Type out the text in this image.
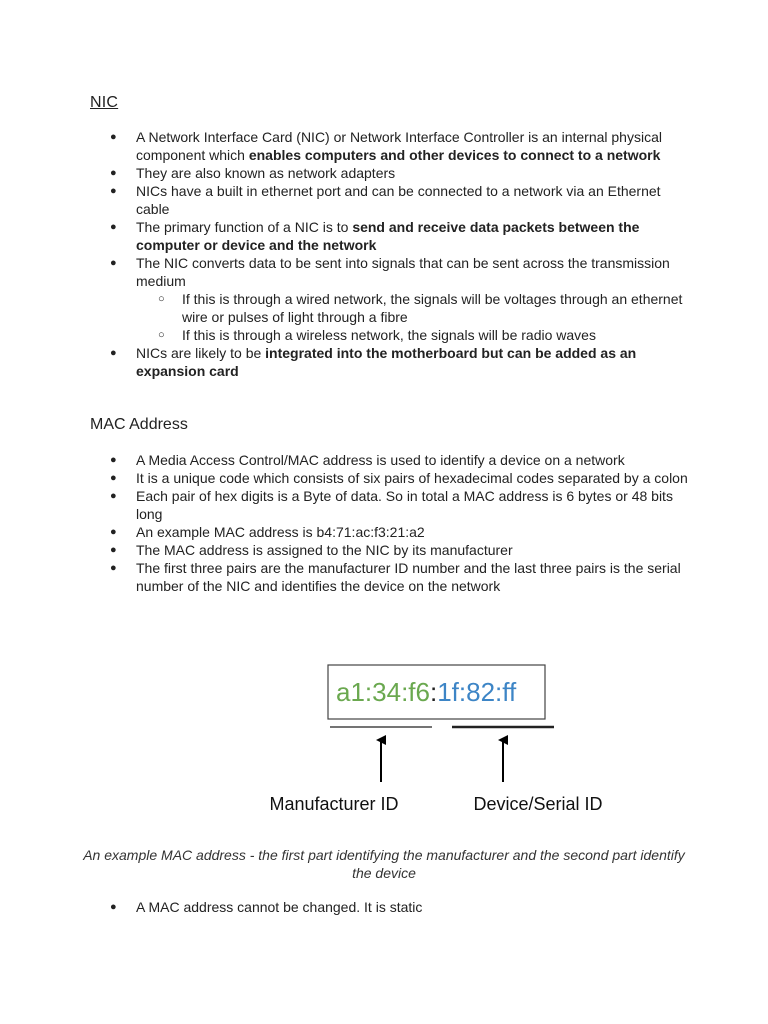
NIC
● A Network Interface Card (NIC) or Network Interface Controller is an internal physical component which enables computers and other devices to connect to a network
● They are also known as network adapters
● NICs have a built in ethernet port and can be connected to a network via an Ethernet cable
● The primary function of a NIC is to send and receive data packets between the computer or device and the network
● The NIC converts data to be sent into signals that can be sent across the transmission medium
○ If this is through a wired network, the signals will be voltages through an ethernet wire or pulses of light through a fibre
○ If this is through a wireless network, the signals will be radio waves
● NICs are likely to be integrated into the motherboard but can be added as an expansion card
MAC Address
● A Media Access Control/MAC address is used to identify a device on a network
● It is a unique code which consists of six pairs of hexadecimal codes separated by a colon
● Each pair of hex digits is a Byte of data. So in total a MAC address is 6 bytes or 48 bits long
● An example MAC address is b4:71:ac:f3:21:a2
● The MAC address is assigned to the NIC by its manufacturer
● The first three pairs are the manufacturer ID number and the last three pairs is the serial number of the NIC and identifies the device on the network
a1:34:f6:1f:82:ff
Manufacturer ID	Device/Serial ID
An example MAC address - the first part identifying the manufacturer and the second part identify the device
● A MAC address cannot be changed. It is static
